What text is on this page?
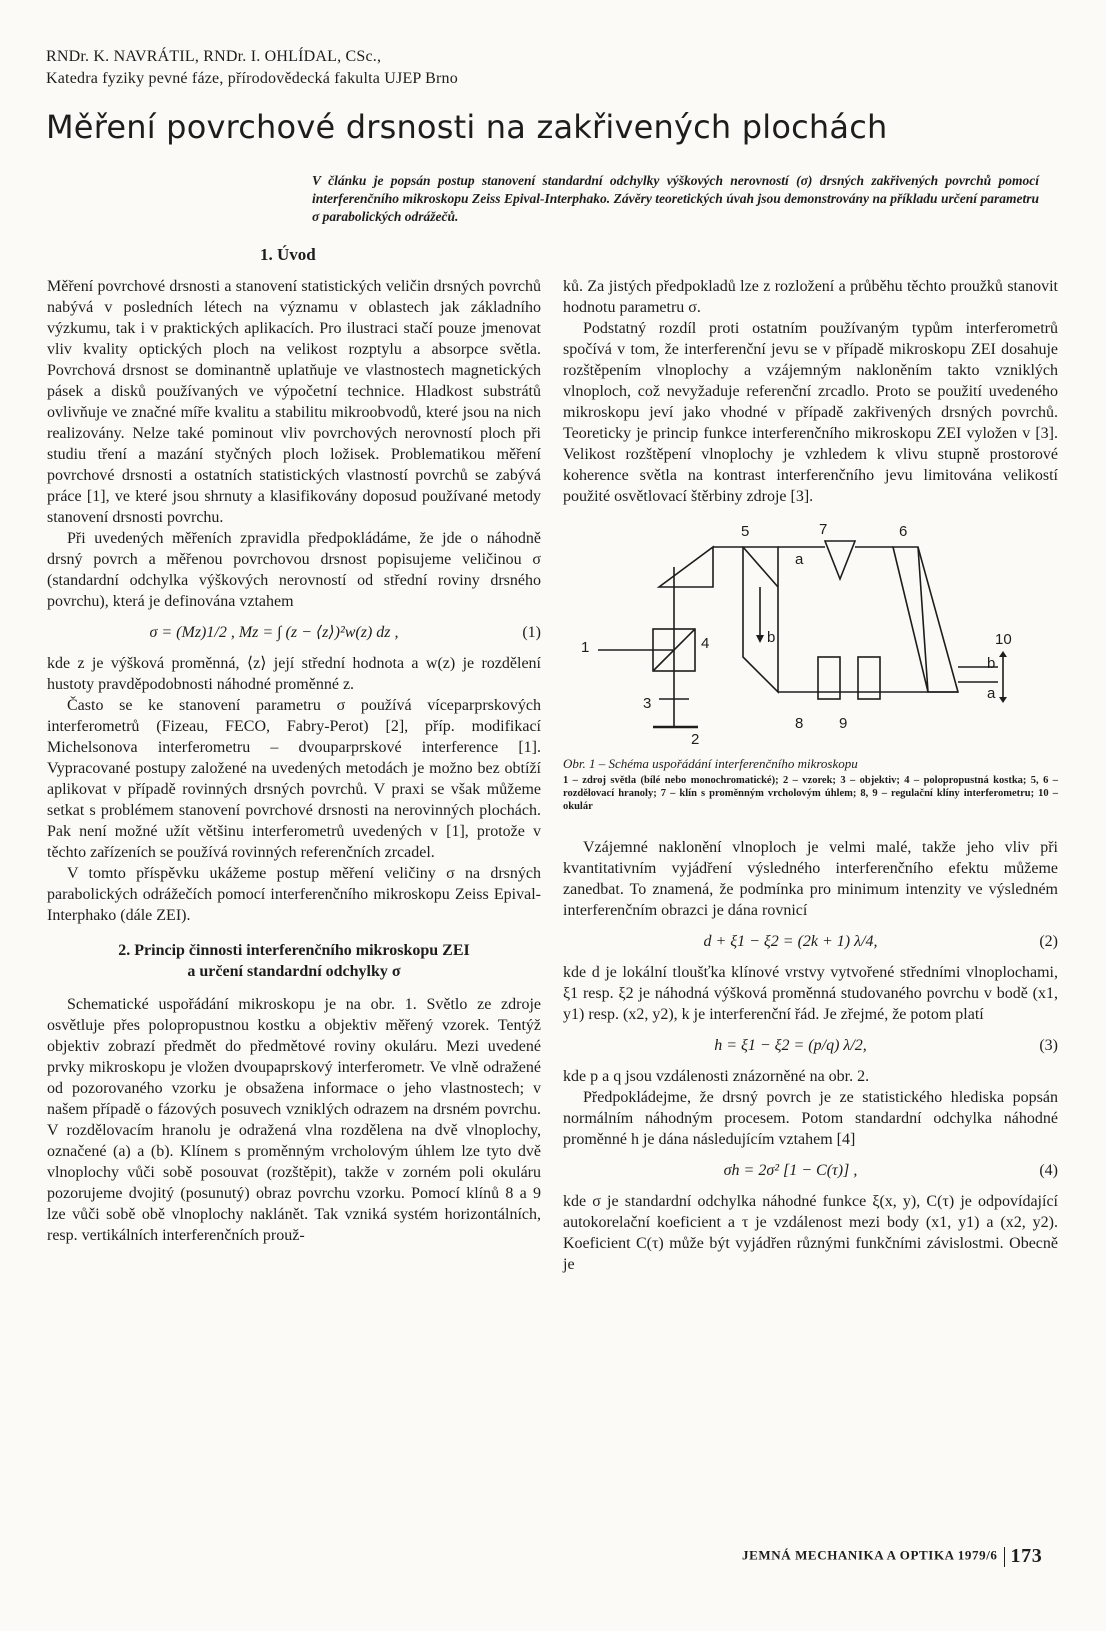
RNDr. K. NAVRÁTIL, RNDr. I. OHLÍDAL, CSc.,
Katedra fyziky pevné fáze, přírodovědecká fakulta UJEP Brno
Měření povrchové drsnosti na zakřivených plochách
V článku je popsán postup stanovení standardní odchylky výškových nerovností (σ) drsných zakřivených povrchů pomocí interferenčního mikroskopu Zeiss Epival-Interphako. Závěry teoretických úvah jsou demonstrovány na příkladu určení parametru σ parabolických odrážečů.
1. Úvod

Měření povrchové drsnosti a stanovení statistických veličin drsných povrchů nabývá v posledních létech na významu v oblastech jak základního výzkumu, tak i v praktických aplikacích. Pro ilustraci stačí pouze jmenovat vliv kvality optických ploch na velikost rozptylu a absorpce světla. Povrchová drsnost se dominantně uplatňuje ve vlastnostech magnetických pásek a disků používaných ve výpočetní technice. Hladkost substrátů ovlivňuje ve značné míře kvalitu a stabilitu mikroobvodů, které jsou na nich realizovány. Nelze také pominout vliv povrchových nerovností ploch při studiu tření a mazání styčných ploch ložisek. Problematikou měření povrchové drsnosti a ostatních statistických vlastností povrchů se zabývá práce [1], ve které jsou shrnuty a klasifikovány doposud používané metody stanovení drsnosti povrchu.

Při uvedených měřeních zpravidla předpokládáme, že jde o náhodně drsný povrch a měřenou povrchovou drsnost popisujeme veličinou σ (standardní odchylka výškových nerovností od střední roviny drsného povrchu), která je definována vztahem

σ = (Mz)1/2 , Mz = ∫ (z − ⟨z⟩)²w(z) dz ,	(1)

kde z je výšková proměnná, ⟨z⟩ její střední hodnota a w(z) je rozdělení hustoty pravděpodobnosti náhodné proměnné z.

Často se ke stanovení parametru σ používá víceparprskových interferometrů (Fizeau, FECO, Fabry-Perot) [2], příp. modifikací Michelsonova interferometru – dvouparprskové interference [1]. Vypracované postupy založené na uvedených metodách je možno bez obtíží aplikovat v případě rovinných drsných povrchů. V praxi se však můžeme setkat s problémem stanovení povrchové drsnosti na nerovinných plochách. Pak není možné užít většinu interferometrů uvedených v [1], protože v těchto zařízeních se používá rovinných referenčních zrcadel.

V tomto příspěvku ukážeme postup měření veličiny σ na drsných parabolických odrážečích pomocí interferenčního mikroskopu Zeiss Epival-Interphako (dále ZEI).

2. Princip činnosti interferenčního mikroskopu ZEI
a určení standardní odchylky σ

Schematické uspořádání mikroskopu je na obr. 1. Světlo ze zdroje osvětluje přes polopropustnou kostku a objektiv měřený vzorek. Tentýž objektiv zobrazí předmět do předmětové roviny okuláru. Mezi uvedené prvky mikroskopu je vložen dvoupaprskový interferometr. Ve vlně odražené od pozorovaného vzorku je obsažena informace o jeho vlastnostech; v našem případě o fázových posuvech vzniklých odrazem na drsném povrchu. V rozdělovacím hranolu je odražená vlna rozdělena na dvě vlnoplochy, označené (a) a (b). Klínem s proměnným vrcholovým úhlem lze tyto dvě vlnoplochy vůči sobě posouvat (rozštěpit), takže v zorném poli okuláru pozorujeme dvojitý (posunutý) obraz povrchu vzorku. Pomocí klínů 8 a 9 lze vůči sobě obě vlnoplochy naklánět. Tak vzniká systém horizontálních, resp. vertikálních interferenčních prouž-

ků. Za jistých předpokladů lze z rozložení a průběhu těchto proužků stanovit hodnotu parametru σ.

Podstatný rozdíl proti ostatním používaným typům interferometrů spočívá v tom, že interferenční jevu se v případě mikroskopu ZEI dosahuje rozštěpením vlnoplochy a vzájemným nakloněním takto vzniklých vlnoploch, což nevyžaduje referenční zrcadlo. Proto se použití uvedeného mikroskopu jeví jako vhodné v případě zakřivených drsných povrchů. Teoreticky je princip funkce interferenčního mikroskopu ZEI vyložen v [3]. Velikost rozštěpení vlnoplochy je vzhledem k vlivu stupně prostorové koherence světla na kontrast interferenčního jevu limitována velikostí použité osvětlovací štěrbiny zdroje [3].

1
2
3
4
5	6
7
8 9
10
a
b
a
b
Obr. 1 – Schéma uspořádání interferenčního mikroskopu
1 – zdroj světla (bílé nebo monochromatické); 2 – vzorek; 3 – objektiv; 4 – polopropustná kostka; 5, 6 – rozdělovací hranoly; 7 – klín s proměnným vrcholovým úhlem; 8, 9 – regulační klíny interferometru; 10 – okulár

Vzájemné naklonění vlnoploch je velmi malé, takže jeho vliv při kvantitativním vyjádření výsledného interferenčního efektu můžeme zanedbat. To znamená, že podmínka pro minimum intenzity ve výsledném interferenčním obrazci je dána rovnicí

d + ξ1 − ξ2 = (2k + 1) λ/4,	(2)

kde d je lokální tloušťka klínové vrstvy vytvořené středními vlnoplochami, ξ1 resp. ξ2 je náhodná výšková proměnná studovaného povrchu v bodě (x1, y1) resp. (x2, y2), k je interferenční řád. Je zřejmé, že potom platí

h = ξ1 − ξ2 = (p/q) λ/2,	(3)

kde p a q jsou vzdálenosti znázorněné na obr. 2.

Předpokládejme, že drsný povrch je ze statistického hlediska popsán normálním náhodným procesem. Potom standardní odchylka náhodné proměnné h je dána následujícím vztahem [4]

σh = 2σ² [1 − C(τ)] ,	(4)

kde σ je standardní odchylka náhodné funkce ξ(x, y), C(τ) je odpovídající autokorelační koeficient a τ je vzdálenost mezi body (x1, y1) a (x2, y2). Koeficient C(τ) může být vyjádřen různými funkčními závislostmi. Obecně je

JEMNÁ MECHANIKA A OPTIKA 1979/6 173
